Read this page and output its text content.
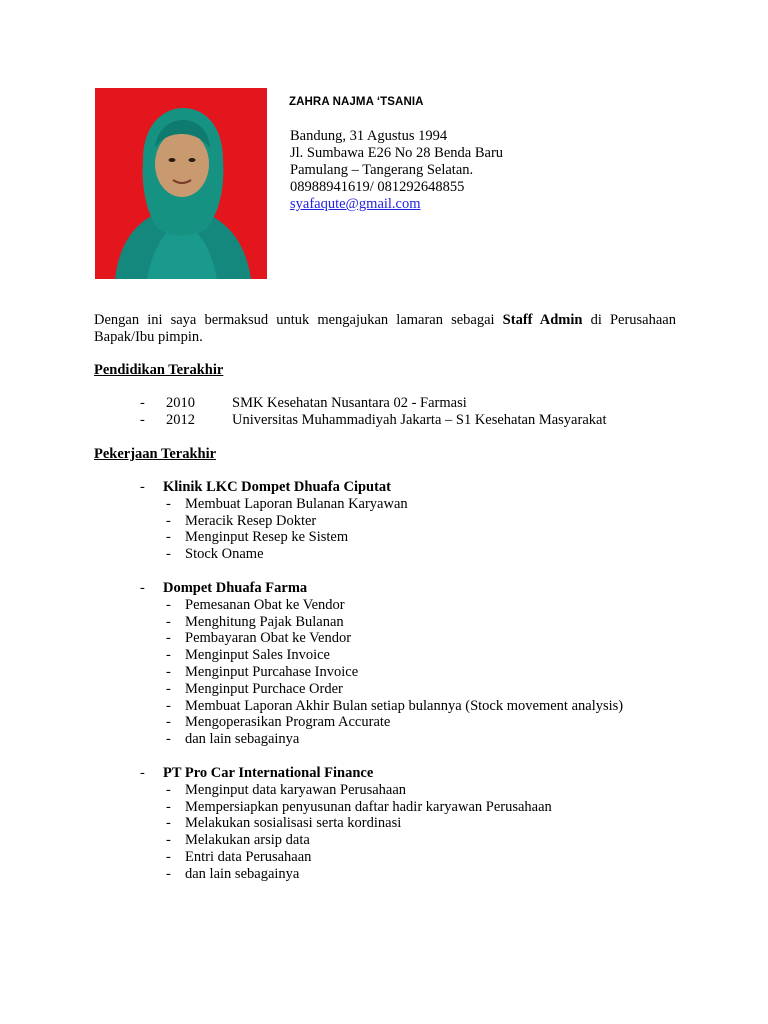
ZAHRA NAJMA ‘TSANIA
Bandung, 31 Agustus 1994
Jl. Sumbawa E26 No 28 Benda Baru
Pamulang – Tangerang Selatan.
08988941619/ 081292648855
syafaqute@gmail.com
Dengan ini saya bermaksud untuk mengajukan lamaran sebagai Staff Admin di Perusahaan
Bapak/Ibu pimpin.
Pendidikan Terakhir
- 2010	SMK Kesehatan Nusantara 02 - Farmasi
- 2012	Universitas Muhammadiyah Jakarta – S1 Kesehatan Masyarakat
Pekerjaan Terakhir
- Klinik LKC Dompet Dhuafa Ciputat
- Membuat Laporan Bulanan Karyawan
- Meracik Resep Dokter
- Menginput Resep ke Sistem
- Stock Oname
- Dompet Dhuafa Farma
- Pemesanan Obat ke Vendor
- Menghitung Pajak Bulanan
- Pembayaran Obat ke Vendor
- Menginput Sales Invoice
- Menginput Purcahase Invoice
- Menginput Purchace Order
- Membuat Laporan Akhir Bulan setiap bulannya (Stock movement analysis)
- Mengoperasikan Program Accurate
- dan lain sebagainya
- PT Pro Car International Finance
- Menginput data karyawan Perusahaan
- Mempersiapkan penyusunan daftar hadir karyawan Perusahaan
- Melakukan sosialisasi serta kordinasi
- Melakukan arsip data
- Entri data Perusahaan
- dan lain sebagainya
